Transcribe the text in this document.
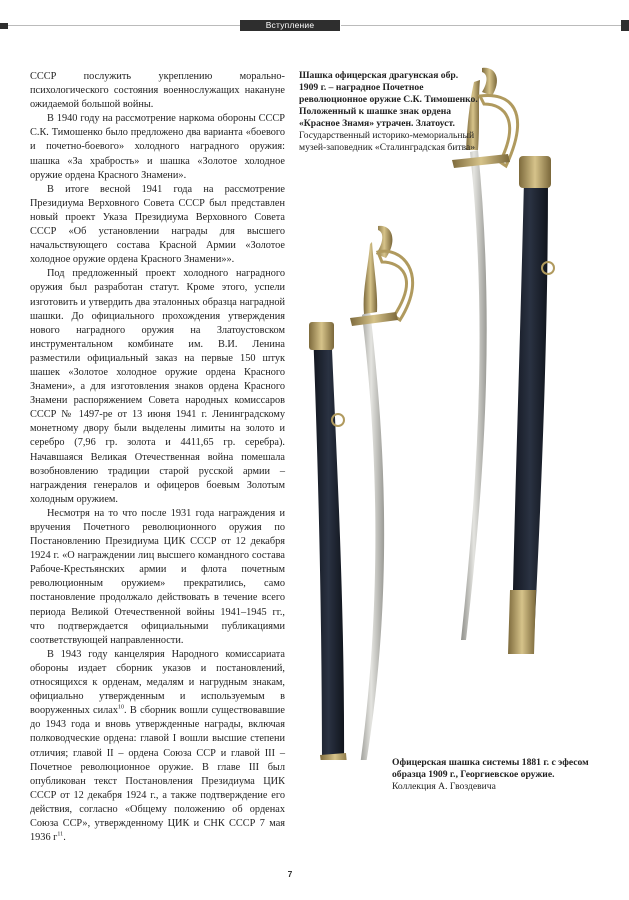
Вступление

СССР послужить укреплению морально-психологического состояния военнослужащих накануне ожидаемой большой войны.

В 1940 году на рассмотрение наркома обороны СССР С.К. Тимошенко было предложено два варианта «боевого и почетно-боевого» холодного наградного оружия: шашка «За храбрость» и шашка «Золотое холодное оружие ордена Красного Знамени».

В итоге весной 1941 года на рассмотрение Президиума Верховного Совета СССР был представлен новый проект Указа Президиума Верховного Совета СССР «Об установлении награды для высшего начальствующего состава Красной Армии «Золотое холодное оружие ордена Красного Знамени»».

Под предложенный проект холодного наградного оружия был разработан статут. Кроме этого, успели изготовить и утвердить два эталонных образца наградной шашки. До официального прохождения утверждения нового наградного оружия на Златоустовском инструментальном комбинате им. В.И. Ленина разместили официальный заказ на первые 150 штук шашек «Золотое холодное оружие ордена Красного Знамени», а для изготовления знаков ордена Красного Знамени распоряжением Совета народных комиссаров СССР № 1497-ре от 13 июня 1941 г. Ленинградскому монетному двору были выделены лимиты на золото и серебро (7,96 гр. золота и 4411,65 гр. серебра). Начавшаяся Великая Отечественная война помешала возобновлению традиции старой русской армии – награждения генералов и офицеров боевым Золотым холодным оружием.

Несмотря на то что после 1931 года награждения и вручения Почетного революционного оружия по Постановлению Президиума ЦИК СССР от 12 декабря 1924 г. «О награждении лиц высшего командного состава Рабоче-Крестьянских армии и флота почетным революционным оружием» прекратились, само постановление продолжало действовать в течение всего периода Великой Отечественной войны 1941–1945 гг., что подтверждается официальными публикациями соответствующей направленности.

В 1943 году канцелярия Народного комиссариата обороны издает сборник указов и постановлений, относящихся к орденам, медалям и нагрудным знакам, официально утвержденным и используемым в вооруженных силах$^{10}$. В сборник вошли существовавшие до 1943 года и вновь утвержденные награды, включая полководческие ордена: главой I вошли высшие степени отличия; главой II – ордена Союза ССР и главой III – Почетное революционное оружие. В главе III был опубликован текст Постановления Президиума ЦИК СССР от 12 декабря 1924 г., а также подтверждение его действия, согласно «Общему положению об орденах Союза ССР», утвержденному ЦИК и СНК СССР 7 мая 1936 $г^{11}$.

Шашка офицерская драгунская обр. 1909 г. – наградное Почетное революционное оружие С.К. Тимошенко. Положенный к шашке знак ордена «Красное Знамя» утрачен. Златоуст.
Государственный историко-мемориальный музей-заповедник «Сталинградская битва»
Офицерская шашка системы 1881 г. с эфесом образца 1909 г., Георгиевское оружие.
Коллекция А. Гвоздевича
7
